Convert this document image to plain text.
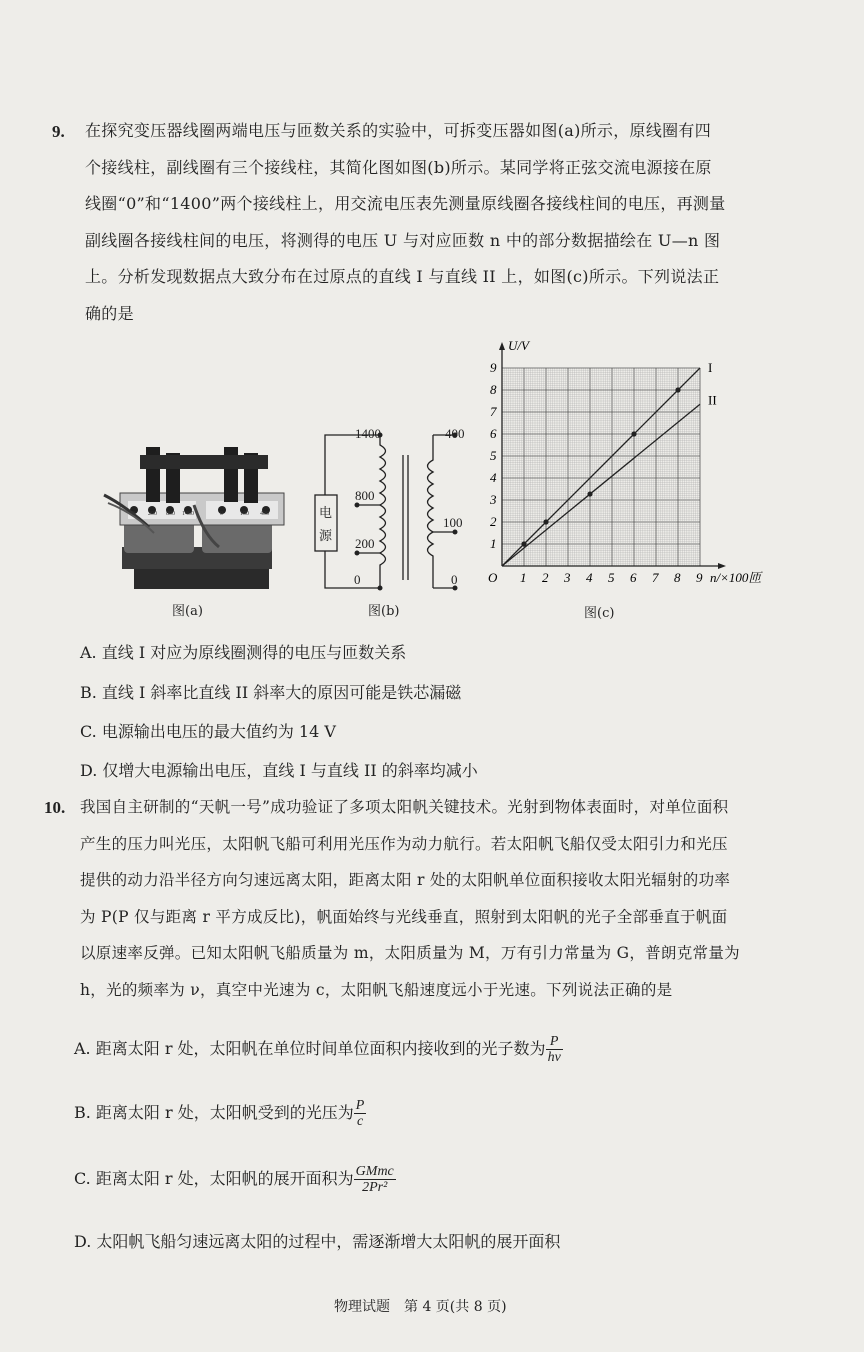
9. 在探究变压器线圈两端电压与匝数关系的实验中，可拆变压器如图(a)所示，原线圈有四
个接线柱，副线圈有三个接线柱，其简化图如图(b)所示。某同学将正弦交流电源接在原
线圈“0”和“1400”两个接线柱上，用交流电压表先测量原线圈各接线柱间的电压，再测量
副线圈各接线柱间的电压，将测得的电压 U 与对应匝数 n 中的部分数据描绘在 U—n 图
上。分析发现数据点大致分布在过原点的直线 I 与直线 II 上，如图(c)所示。下列说法正
确的是
0 200 800 1400	0	100 400
图(a)
1400
800
200
0
400
100
0
电
源
图(b)
1 2 3 4 5 6 7 8 9
1
2
3
4
5
6
7
8
9
O	n/×100匝
U/V
I
II
图(c)
A. 直线 I 对应为原线圈测得的电压与匝数关系
B. 直线 I 斜率比直线 II 斜率大的原因可能是铁芯漏磁
C. 电源输出电压的最大值约为 14 V
D. 仅增大电源输出电压，直线 I 与直线 II 的斜率均减小
10. 我国自主研制的“天帆一号”成功验证了多项太阳帆关键技术。光射到物体表面时，对单位面积
产生的压力叫光压，太阳帆飞船可利用光压作为动力航行。若太阳帆飞船仅受太阳引力和光压
提供的动力沿半径方向匀速远离太阳，距离太阳 r 处的太阳帆单位面积接收太阳光辐射的功率
为 P(P 仅与距离 r 平方成反比)，帆面始终与光线垂直，照射到太阳帆的光子全部垂直于帆面
以原速率反弹。已知太阳帆飞船质量为 m，太阳质量为 M，万有引力常量为 G，普朗克常量为
h，光的频率为 ν，真空中光速为 c，太阳帆飞船速度远小于光速。下列说法正确的是
A. 距离太阳 r 处，太阳帆在单位时间单位面积内接收到的光子数为 $\frac{P}{h\nu}$
B. 距离太阳 r 处，太阳帆受到的光压为 $\frac{P}{c}$
C. 距离太阳 r 处，太阳帆的展开面积为 $\frac{\text{GMmc}}{\text{2Pr²}}$
D. 太阳帆飞船匀速远离太阳的过程中，需逐渐增大太阳帆的展开面积
物理试题　第 4 页(共 8 页)
